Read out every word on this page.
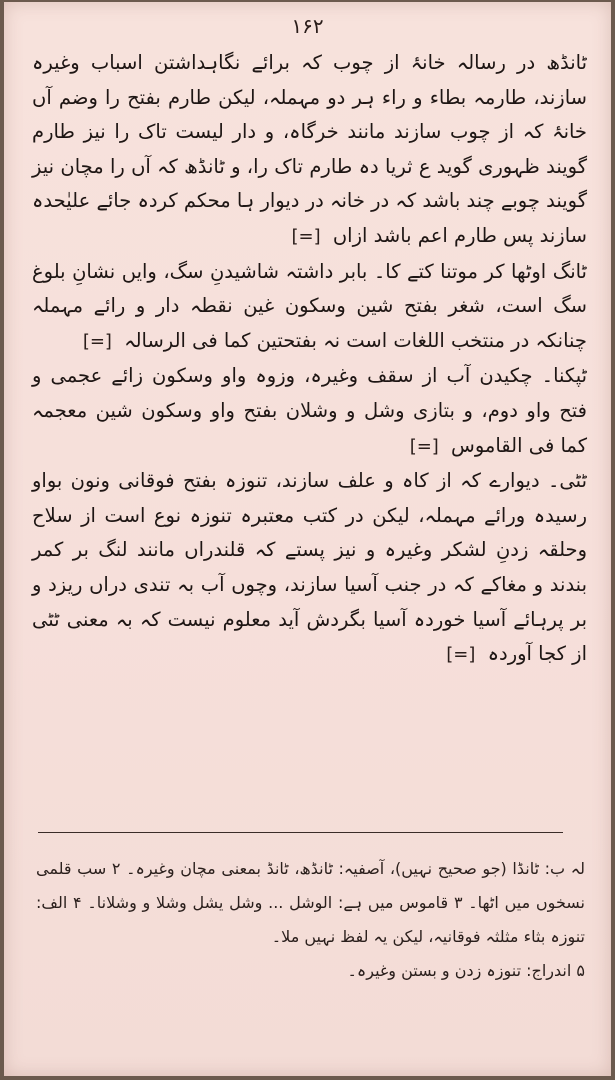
۱۶۲

ٹانڈھ در رسالہ خانۂ از چوب کہ برائے نگاہداشتن اسباب وغیرہ سازند، طارمہ بطاء و راء ہر دو مہملہ، لیکن طارم بفتح را وضم آں خانۂ کہ از چوب سازند مانند خرگاہ، و دار لیست تاک را نیز طارم گویند ظہوری گوید ع ثریا دہ طارم تاک را، و ٹانڈھ کہ آں را مچان نیز گویند چوبے چند باشد کہ در خانہ در دیوار ہا محکم کردہ جائے علیٰحدہ سازند پس طارم اعم باشد ازاں [=]

ٹانگ اوٹھا کر موتنا کتے کا۔ بابر داشتہ شاشیدنِ سگ، وایں نشانِ بلوغ سگ است، شغر بفتح شین وسکون غین نقطہ دار و رائے مہملہ چنانکہ در منتخب اللغات است نہ بفتحتین کما فی الرسالہ [=]

ٹپکنا۔ چکیدن آب از سقف وغیرہ، وزوہ واو وسکون زائے عجمی و فتح واو دوم، و بتازی وشل و وشلان بفتح واو وسکون شین معجمہ کما فی القاموس [=]

ٹٹی۔ دیوارے کہ از کاہ و علف سازند، تنوزہ بفتح فوقانی ونون بواو رسیدہ ورائے مہملہ، لیکن در کتب معتبرہ تنوزہ نوع است از سلاح وحلقہ زدنِ لشکر وغیرہ و نیز پستے کہ قلندراں مانند لنگ بر کمر بندند و مغاکے کہ در جنب آسیا سازند، وچوں آب بہ تندی دراں ریزد و بر پرہائے آسیا خوردہ آسیا بگردش آید معلوم نیست کہ بہ معنی ٹٹی از کجا آوردہ [=]

لہ ب: ٹانڈا (جو صحیح نہیں)، آصفیہ: ٹانڈھ، ٹانڈ بمعنی مچان وغیرہ۔ ۲ سب قلمی نسخوں میں اٹھا۔ ۳ قاموس میں ہے: الوشل ... وشل یشل وشلا و وشلانا۔ ۴ الف: تنوزہ بثاء مثلثہ فوقانیہ، لیکن یہ لفظ نہیں ملا۔

۵ اندراج: تنوزہ زدن و بستن وغیرہ۔
